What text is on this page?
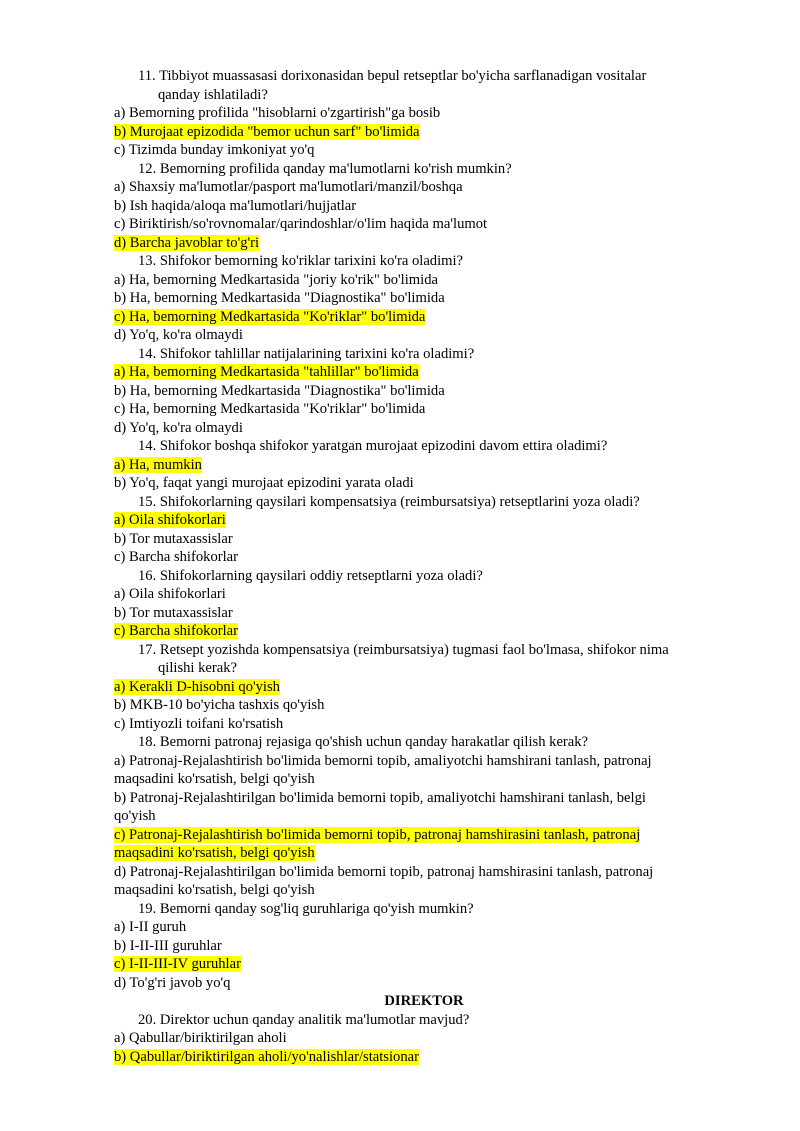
11. Tibbiyot muassasasi dorixonasidan bepul retseptlar bo'yicha sarflanadigan vositalar
qanday ishlatiladi?
a) Bemorning profilida "hisoblarni o'zgartirish"ga bosib
b) Murojaat epizodida "bemor uchun sarf" bo'limida
c) Tizimda bunday imkoniyat yo'q
12. Bemorning profilida qanday ma'lumotlarni ko'rish mumkin?
a) Shaxsiy ma'lumotlar/pasport ma'lumotlari/manzil/boshqa
b) Ish haqida/aloqa ma'lumotlari/hujjatlar
c) Biriktirish/so'rovnomalar/qarindoshlar/o'lim haqida ma'lumot
d) Barcha javoblar to'g'ri
13. Shifokor bemorning ko'riklar tarixini ko'ra oladimi?
a) Ha, bemorning Medkartasida "joriy ko'rik" bo'limida
b) Ha, bemorning Medkartasida "Diagnostika" bo'limida
c) Ha, bemorning Medkartasida "Ko'riklar" bo'limida
d) Yo'q, ko'ra olmaydi
14. Shifokor tahlillar natijalarining tarixini ko'ra oladimi?
a) Ha, bemorning Medkartasida "tahlillar" bo'limida
b) Ha, bemorning Medkartasida "Diagnostika" bo'limida
c) Ha, bemorning Medkartasida "Ko'riklar" bo'limida
d) Yo'q, ko'ra olmaydi
14. Shifokor boshqa shifokor yaratgan murojaat epizodini davom ettira oladimi?
a) Ha, mumkin
b) Yo'q, faqat yangi murojaat epizodini yarata oladi
15. Shifokorlarning qaysilari kompensatsiya (reimbursatsiya) retseptlarini yoza oladi?
a) Oila shifokorlari
b) Tor mutaxassislar
c) Barcha shifokorlar
16. Shifokorlarning qaysilari oddiy retseptlarni yoza oladi?
a) Oila shifokorlari
b) Tor mutaxassislar
c) Barcha shifokorlar
17. Retsept yozishda kompensatsiya (reimbursatsiya) tugmasi faol bo'lmasa, shifokor nima
qilishi kerak?
a) Kerakli D-hisobni qo'yish
b) MKB-10 bo'yicha tashxis qo'yish
c) Imtiyozli toifani ko'rsatish
18. Bemorni patronaj rejasiga qo'shish uchun qanday harakatlar qilish kerak?
a) Patronaj-Rejalashtirish bo'limida bemorni topib, amaliyotchi hamshirani tanlash, patronaj
maqsadini ko'rsatish, belgi qo'yish
b) Patronaj-Rejalashtirilgan bo'limida bemorni topib, amaliyotchi hamshirani tanlash, belgi
qo'yish
c) Patronaj-Rejalashtirish bo'limida bemorni topib, patronaj hamshirasini tanlash, patronaj
maqsadini ko'rsatish, belgi qo'yish
d) Patronaj-Rejalashtirilgan bo'limida bemorni topib, patronaj hamshirasini tanlash, patronaj
maqsadini ko'rsatish, belgi qo'yish
19. Bemorni qanday sog'liq guruhlariga qo'yish mumkin?
a) I-II guruh
b) I-II-III guruhlar
c) I-II-III-IV guruhlar
d) To'g'ri javob yo'q
DIREKTOR
20. Direktor uchun qanday analitik ma'lumotlar mavjud?
a) Qabullar/biriktirilgan aholi
b) Qabullar/biriktirilgan aholi/yo'nalishlar/statsionar
